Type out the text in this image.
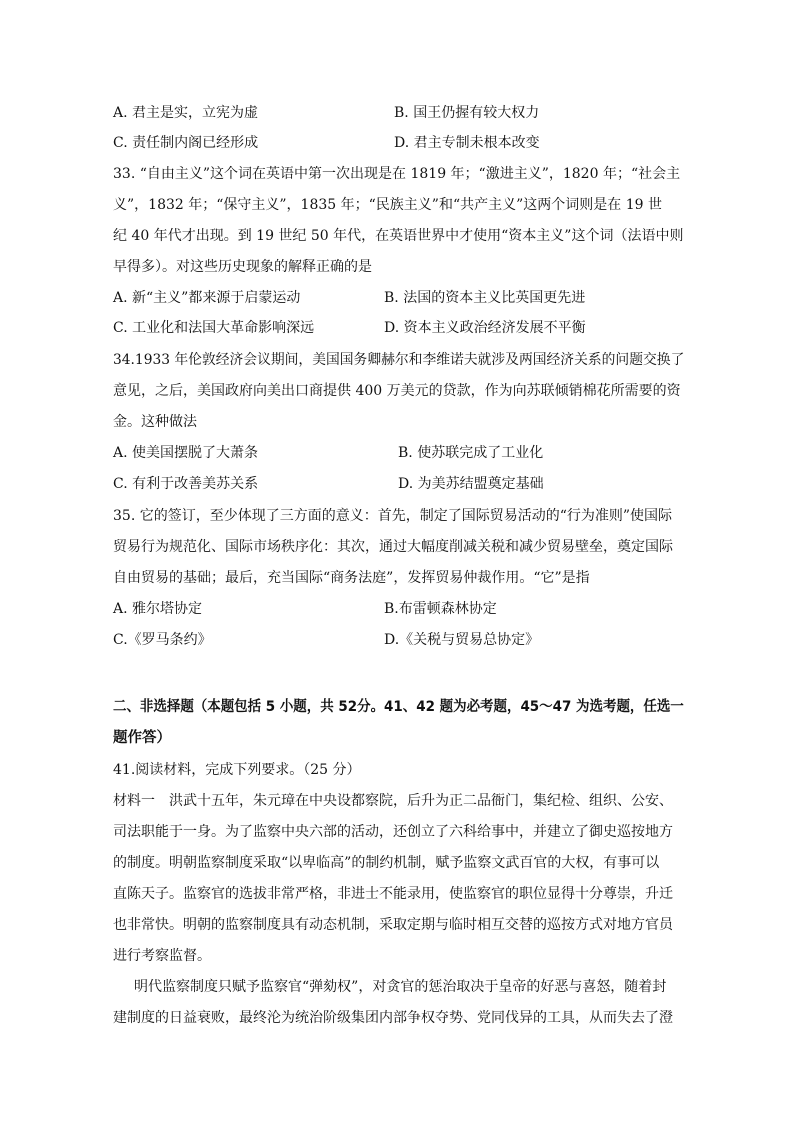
A. 君主是实，立宪为虚	B. 国王仍握有较大权力
C. 责任制内阁已经形成	D. 君主专制未根本改变
33. “自由主义”这个词在英语中第一次出现是在 1819 年；“激进主义”，1820 年；“社会主
义”，1832 年；“保守主义”，1835 年；“民族主义”和“共产主义”这两个词则是在 19 世
纪 40 年代才出现。到 19 世纪 50 年代，在英语世界中才使用“资本主义”这个词（法语中则
早得多）。对这些历史现象的解释正确的是
A. 新“主义”都来源于启蒙运动	B. 法国的资本主义比英国更先进
C. 工业化和法国大革命影响深远	D. 资本主义政治经济发展不平衡
34.1933 年伦敦经济会议期间，美国国务卿赫尔和李维诺夫就涉及两国经济关系的问题交换了
意见，之后，美国政府向美出口商提供 400 万美元的贷款，作为向苏联倾销棉花所需要的资
金。这种做法
A. 使美国摆脱了大萧条	B. 使苏联完成了工业化
C. 有利于改善美苏关系	D. 为美苏结盟奠定基础
35. 它的签订，至少体现了三方面的意义：首先，制定了国际贸易活动的“行为准则”使国际
贸易行为规范化、国际市场秩序化：其次，通过大幅度削减关税和减少贸易壁垒，奠定国际
自由贸易的基础；最后，充当国际“商务法庭”，发挥贸易仲裁作用。“它”是指
A. 雅尔塔协定	B.布雷顿森林协定
C.《罗马条约》	D.《关税与贸易总协定》
二、非选择题（本题包括 5 小题，共 52分。41、42 题为必考题，45～47 为选考题，任选一
题作答）
41.阅读材料，完成下列要求。（25 分）
材料一　洪武十五年，朱元璋在中央设都察院，后升为正二品衙门，集纪检、组织、公安、
司法职能于一身。为了监察中央六部的活动，还创立了六科给事中，并建立了御史巡按地方
的制度。明朝监察制度采取“以卑临高”的制约机制，赋予监察文武百官的大权，有事可以
直陈天子。监察官的选拔非常严格，非进士不能录用，使监察官的职位显得十分尊崇，升迁
也非常快。明朝的监察制度具有动态机制，采取定期与临时相互交替的巡按方式对地方官员
进行考察监督。
明代监察制度只赋予监察官“弹劾权”，对贪官的惩治取决于皇帝的好恶与喜怒，随着封
建制度的日益衰败，最终沦为统治阶级集团内部争权夺势、党同伐异的工具，从而失去了澄
